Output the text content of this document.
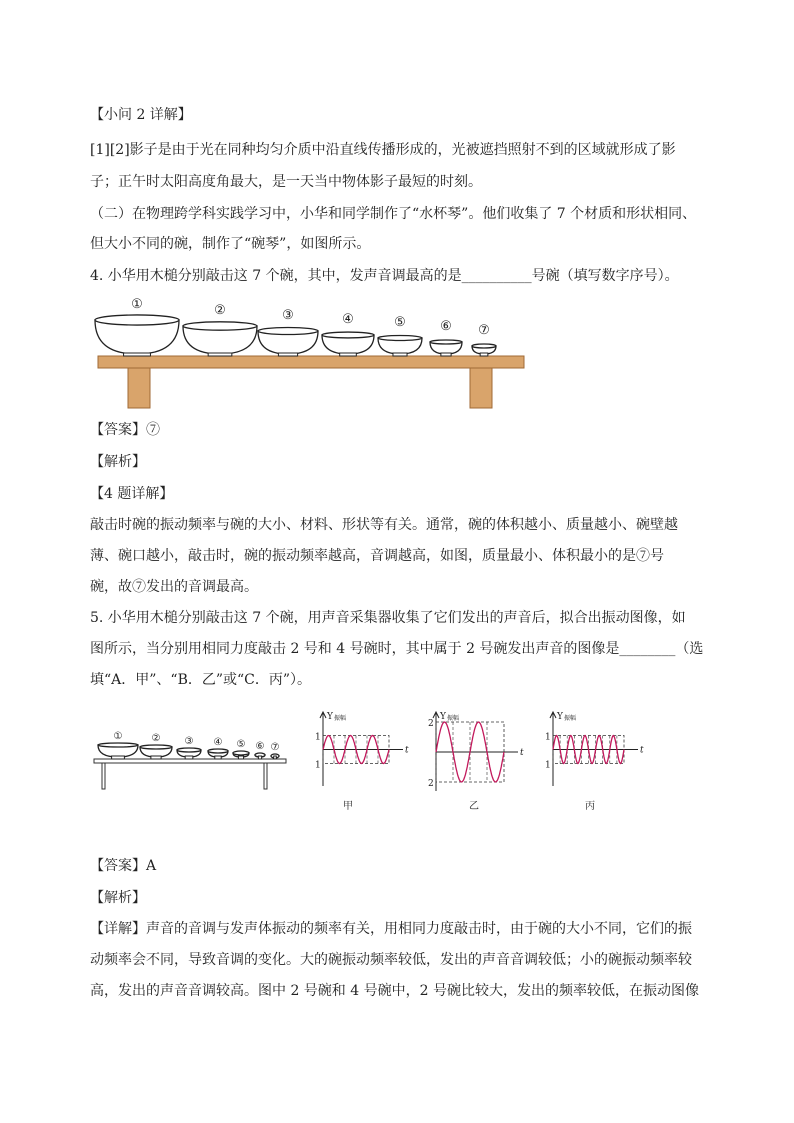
【小问 2 详解】
[1][2]影子是由于光在同种均匀介质中沿直线传播形成的，光被遮挡照射不到的区域就形成了影
子；正午时太阳高度角最大，是一天当中物体影子最短的时刻。
（二）在物理跨学科实践学习中，小华和同学制作了“水杯琴”。他们收集了 7 个材质和形状相同、
但大小不同的碗，制作了“碗琴”，如图所示。
4. 小华用木槌分别敲击这 7 个碗，其中，发声音调最高的是__________号碗（填写数字序号）。
①	②	③	④	⑤	⑥ ⑦
【答案】⑦
【解析】
【4 题详解】
敲击时碗的振动频率与碗的大小、材料、形状等有关。通常，碗的体积越小、质量越小、碗壁越
薄、碗口越小，敲击时，碗的振动频率越高，音调越高，如图，质量最小、体积最小的是⑦号
碗，故⑦发出的音调最高。
5. 小华用木槌分别敲击这 7 个碗，用声音采集器收集了它们发出的声音后，拟合出振动图像，如
图所示，当分别用相同力度敲击 2 号和 4 号碗时，其中属于 2 号碗发出声音的图像是________（选
填“A．甲”、“B．乙”或“C．丙”）。
①	② ③ ④ ⑤ ⑥ ⑦
Y 振幅
t
1
1
Y 振幅
t
2
2
Y 振幅
t
1
1
甲	乙	丙
【答案】A
【解析】
【详解】声音的音调与发声体振动的频率有关，用相同力度敲击时，由于碗的大小不同，它们的振
动频率会不同，导致音调的变化。大的碗振动频率较低，发出的声音音调较低；小的碗振动频率较
高，发出的声音音调较高。图中 2 号碗和 4 号碗中，2 号碗比较大，发出的频率较低，在振动图像
